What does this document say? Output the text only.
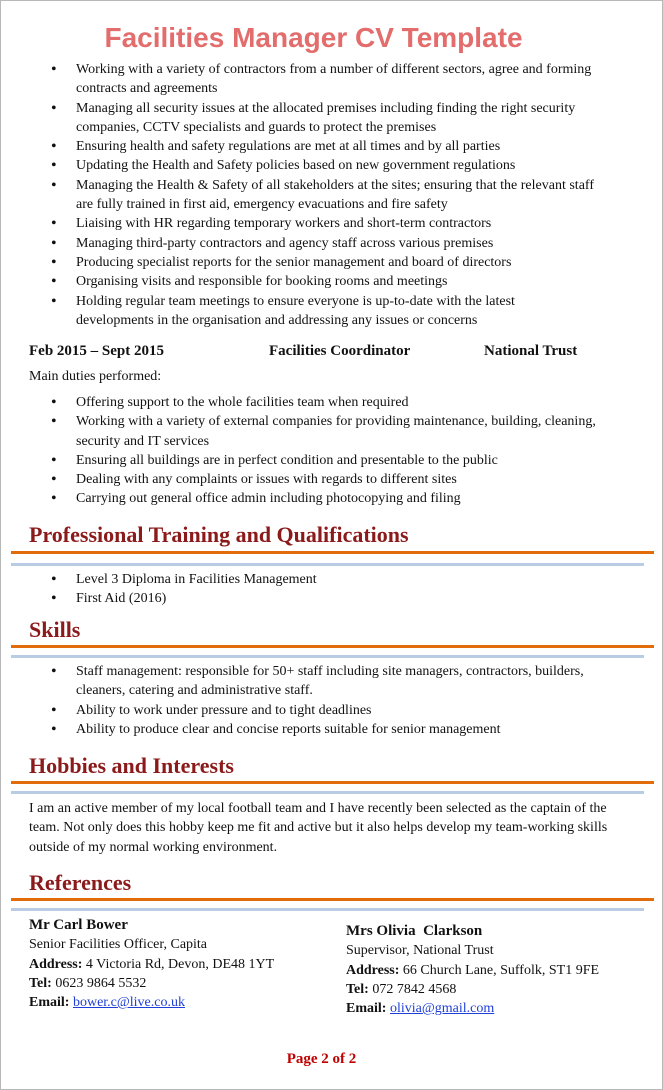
Facilities Manager CV Template
• Working with a variety of contractors from a number of different sectors, agree and forming contracts and agreements
• Managing all security issues at the allocated premises including finding the right security companies, CCTV specialists and guards to protect the premises
• Ensuring health and safety regulations are met at all times and by all parties
• Updating the Health and Safety policies based on new government regulations
• Managing the Health & Safety of all stakeholders at the sites; ensuring that the relevant staff are fully trained in first aid, emergency evacuations and fire safety
• Liaising with HR regarding temporary workers and short-term contractors
• Managing third-party contractors and agency staff across various premises
• Producing specialist reports for the senior management and board of directors
• Organising visits and responsible for booking rooms and meetings
• Holding regular team meetings to ensure everyone is up-to-date with the latest developments in the organisation and addressing any issues or concerns
Feb 2015 – Sept 2015	Facilities Coordinator	National Trust
Main duties performed:
• Offering support to the whole facilities team when required
• Working with a variety of external companies for providing maintenance, building, cleaning, security and IT services
• Ensuring all buildings are in perfect condition and presentable to the public
• Dealing with any complaints or issues with regards to different sites
• Carrying out general office admin including photocopying and filing
Professional Training and Qualifications
• Level 3 Diploma in Facilities Management
• First Aid (2016)
Skills
• Staff management: responsible for 50+ staff including site managers, contractors, builders, cleaners, catering and administrative staff.
• Ability to work under pressure and to tight deadlines
• Ability to produce clear and concise reports suitable for senior management
Hobbies and Interests
I am an active member of my local football team and I have recently been selected as the captain of the team. Not only does this hobby keep me fit and active but it also helps develop my team-working skills outside of my normal working environment.
References
Mr Carl Bower
Senior Facilities Officer, Capita
Address: 4 Victoria Rd, Devon, DE48 1YT
Tel: 0623 9864 5532
Email: bower.c@live.co.uk
Mrs Olivia  Clarkson
Supervisor, National Trust
Address: 66 Church Lane, Suffolk, ST1 9FE
Tel: 072 7842 4568
Email: olivia@gmail.com
Page 2 of 2
